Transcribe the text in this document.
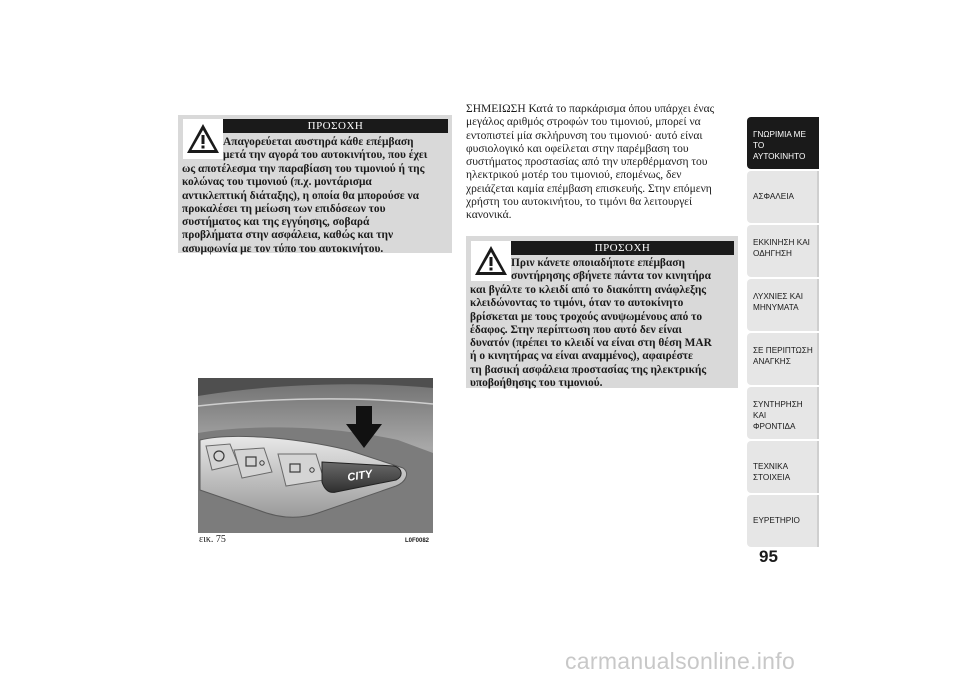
ΠΡΟΣΟΧΗ
Απαγορεύεται αυστηρά κάθε επέμβαση
μετά την αγορά του αυτοκινήτου, που έχει
ως αποτέλεσμα την παραβίαση του τιμονιού ή της
κολώνας του τιμονιού (π.χ. μοντάρισμα
αντικλεπτική διάταξης), η οποία θα μπορούσε να
προκαλέσει τη μείωση των επιδόσεων του
συστήματος και της εγγύησης, σοβαρά
προβλήματα στην ασφάλεια, καθώς και την
ασυμφωνία με τον τύπο του αυτοκινήτου.
ΣΗΜΕΙΩΣΗ Κατά το παρκάρισμα όπου υπάρχει ένας
μεγάλος αριθμός στροφών του τιμονιού, μπορεί να
εντοπιστεί μία σκλήρυνση του τιμονιού· αυτό είναι
φυσιολογικό και οφείλεται στην παρέμβαση του
συστήματος προστασίας από την υπερθέρμανση του
ηλεκτρικού μοτέρ του τιμονιού, επομένως, δεν
χρειάζεται καμία επέμβαση επισκευής. Στην επόμενη
χρήστη του αυτοκινήτου, το τιμόνι θα λειτουργεί
κανονικά.
ΠΡΟΣΟΧΗ
Πριν κάνετε οποιαδήποτε επέμβαση
συντήρησης σβήνετε πάντα τον κινητήρα
και βγάλτε το κλειδί από το διακόπτη ανάφλεξης
κλειδώνοντας το τιμόνι, όταν το αυτοκίνητο
βρίσκεται με τους τροχούς ανυψωμένους από το
έδαφος. Στην περίπτωση που αυτό δεν είναι
δυνατόν (πρέπει το κλειδί να είναι στη θέση MAR
ή ο κινητήρας να είναι αναμμένος), αφαιρέστε
τη βασική ασφάλεια προστασίας της ηλεκτρικής
υποβοήθησης του τιμονιού.
CITY
εικ. 75	L0F0082
ΓΝΩΡΙΜΙΑ ΜΕ ΤΟ
ΑΥΤΟΚΙΝΗΤΟ
ΑΣΦΑΛΕΙΑ
ΕΚΚΙΝΗΣΗ ΚΑΙ
ΟΔΗΓΗΣΗ
ΛΥΧΝΙΕΣ ΚΑΙ
ΜΗΝΥΜΑΤΑ
ΣΕ ΠΕΡΙΠΤΩΣΗ
ΑΝΑΓΚΗΣ
ΣΥΝΤΗΡΗΣΗ ΚΑΙ
ΦΡΟΝΤΙΔΑ
ΤΕΧΝΙΚΑ ΣΤΟΙΧΕΙΑ
ΕΥΡΕΤΗΡΙΟ
95
carmanualsonline.info
